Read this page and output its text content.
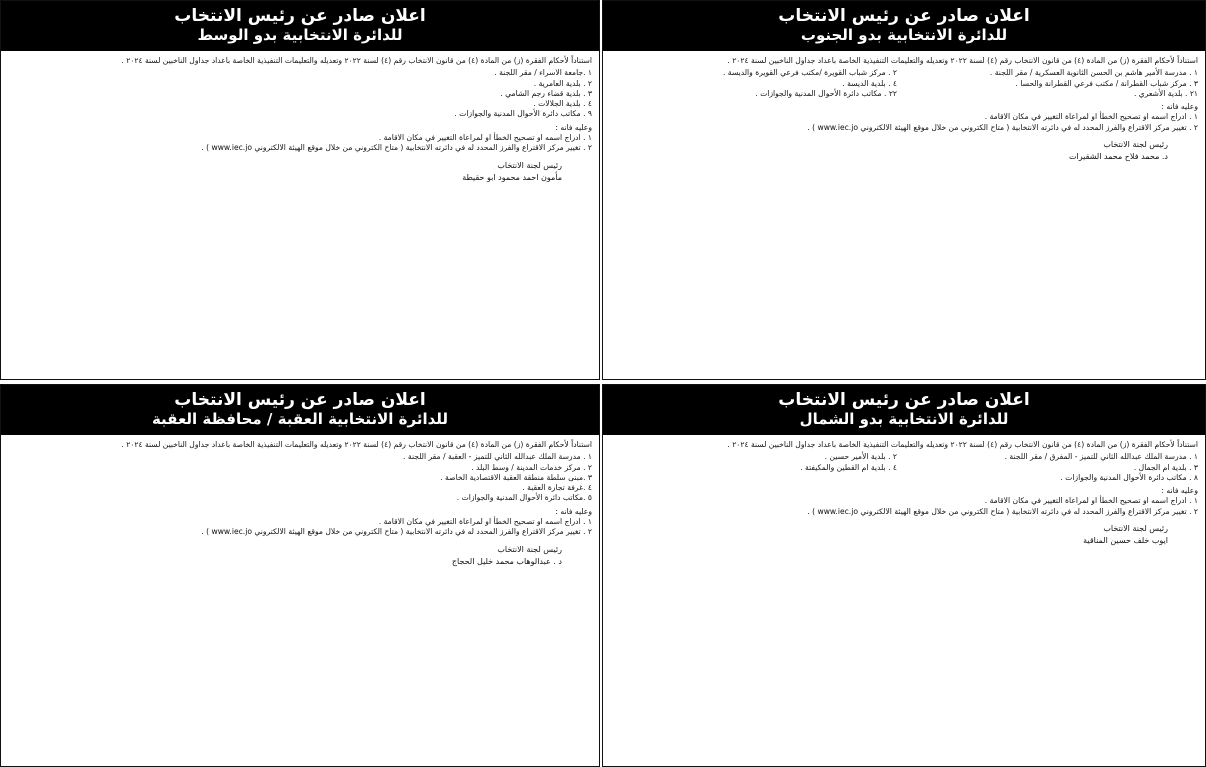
اعلان صادر عن رئيس الانتخاب
للدائرة الانتخابية بدو الجنوب

استناداً لأحكام الفقرة (ز) من المادة (٤) من قانون الانتخاب رقم (٤) لسنة ٢٠٢٢ وتعديله والتعليمات التنفيذية الخاصة باعداد جداول الناخبين لسنة ٢٠٢٤ .

١ . مدرسة الأمير هاشم بن الحسن الثانوية العسكرية / مقر اللجنة .
٢ . مركز شباب القويرة /مكتب فرعي القويرة والديسة .
٣ . مركز شباب القطرانة / مكتب فرعي القطرانة والحسا .
٤ . بلدية الديسة .
٢١ . بلدية الأشعري .
٢٢ . مكاتب دائرة الأحوال المدنية والجوازات .

وعليه فانه :

١ . ادراج اسمه او تصحيح الخطأ او لمراعاة التغيير في مكان الاقامة .

٢ . تغيير مركز الاقتراع والفرز المحدد له في دائرته الانتخابية ( متاح الكتروني من خلال موقع الهيئة الالكتروني www.iec.jo ) .

رئيس لجنة الانتخاب
د. محمد فلاح محمد الشقيرات
اعلان صادر عن رئيس الانتخاب
للدائرة الانتخابية بدو الوسط

استناداً لأحكام الفقرة (ز) من المادة (٤) من قانون الانتخاب رقم (٤) لسنة ٢٠٢٢ وتعديله والتعليمات التنفيذية الخاصة باعداد جداول الناخبين لسنة ٢٠٢٤ .

١ .جامعة الاسراء / مقر اللجنة .
٢ . بلدية العامرية .
٣ . بلدية قضاء رجم الشامي .
٤ . بلدية الجلالات .
٩ . مكاتب دائرة الأحوال المدنية والجوازات .

وعليه فانه :

١ . ادراج اسمه او تصحيح الخطأ او لمراعاة التغيير في مكان الاقامة .

٢ . تغيير مركز الاقتراع والفرز المحدد له في دائرته الانتخابية ( متاح الكتروني من خلال موقع الهيئة الالكتروني www.iec.jo ) .

رئيس لجنة الانتخاب
مأمون احمد محمود ابو حقيطة
اعلان صادر عن رئيس الانتخاب
للدائرة الانتخابية بدو الشمال

استناداً لأحكام الفقرة (ز) من المادة (٤) من قانون الانتخاب رقم (٤) لسنة ٢٠٢٢ وتعديله والتعليمات التنفيذية الخاصة باعداد جداول الناخبين لسنة ٢٠٢٤ .

١ . مدرسة الملك عبدالله الثاني للتميز - المفرق / مقر اللجنة .
٢ . بلدية الأمير حسين .
٣ . بلدية ام الجمال .
٤ . بلدية ام القطين والمكيفتة .
٨ . مكاتب دائرة الأحوال المدنية والجوازات .

وعليه فانه :

١ . ادراج اسمه او تصحيح الخطأ او لمراعاة التغيير في مكان الاقامة .

٢ . تغيير مركز الاقتراع والفرز المحدد له في دائرته الانتخابية ( متاح الكتروني من خلال موقع الهيئة الالكتروني www.iec.jo ) .

رئيس لجنة الانتخاب
ايوب خلف حسين المناقية
اعلان صادر عن رئيس الانتخاب
للدائرة الانتخابية العقبة / محافظة العقبة

استناداً لأحكام الفقرة (ز) من المادة (٤) من قانون الانتخاب رقم (٤) لسنة ٢٠٢٢ وتعديله والتعليمات التنفيذية الخاصة باعداد جداول الناخبين لسنة ٢٠٢٤ .

١ . مدرسة الملك عبدالله الثاني للتميز - العقبة / مقر اللجنة .
٢ . مركز خدمات المدينة / وسط البلد .
٣ .مبنى سلطة منطقة العقبة الاقتصادية الخاصة .
٤ .غرفة تجارة العقبة .
٥ .مكاتب دائرة الأحوال المدنية والجوازات .

وعليه فانه :

١ . ادراج اسمه او تصحيح الخطأ او لمراعاة التغيير في مكان الاقامة .

٢ . تغيير مركز الاقتراع والفرز المحدد له في دائرته الانتخابية ( متاح الكتروني من خلال موقع الهيئة الالكتروني www.iec.jo ) .

رئيس لجنة الانتخاب
د . عبدالوهاب محمد خليل الحجاج
